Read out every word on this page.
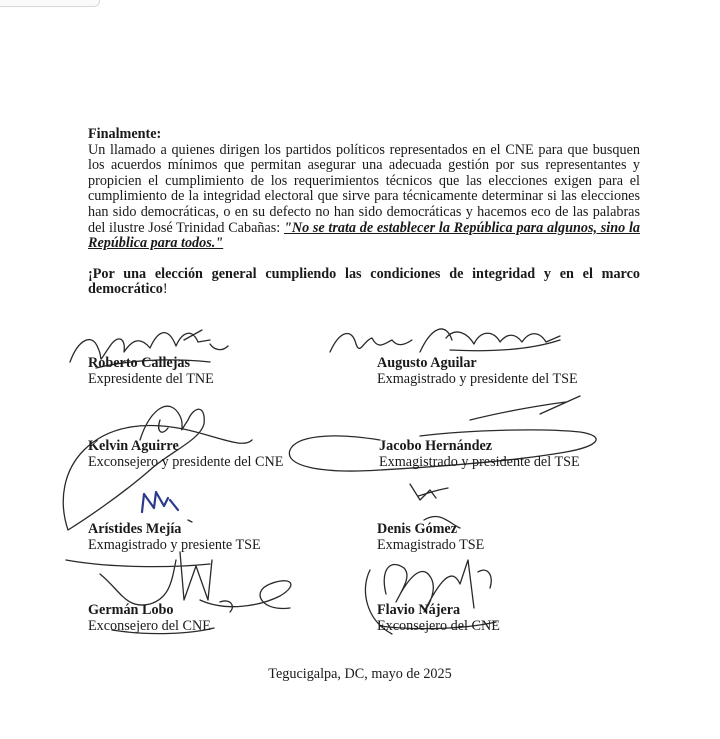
Finalmente:
Un llamado a quienes dirigen los partidos políticos representados en el CNE para que busquen los acuerdos mínimos que permitan asegurar una adecuada gestión por sus representantes y propicien el cumplimiento de los requerimientos técnicos que las elecciones exigen para el cumplimiento de la integridad electoral que sirve para técnicamente determinar si las elecciones han sido democráticas, o en su defecto no han sido democráticas y hacemos eco de las palabras del ilustre José Trinidad Cabañas: "No se trata de establecer la República para algunos, sino la República para todos."
¡Por una elección general cumpliendo las condiciones de integridad y en el marco democrático!
Roberto Callejas
Expresidente del TNE
Augusto Aguilar
Exmagistrado y presidente del TSE
Kelvin Aguirre
Exconsejero y presidente del CNE
Jacobo Hernández
Exmagistrado y presidente del TSE
Arístides Mejía
Exmagistrado y presiente TSE
Denis Gómez
Exmagistrado TSE
Germán Lobo
Exconsejero del CNE
Flavio Nájera
Exconsejero del CNE
Tegucigalpa, DC, mayo de 2025
